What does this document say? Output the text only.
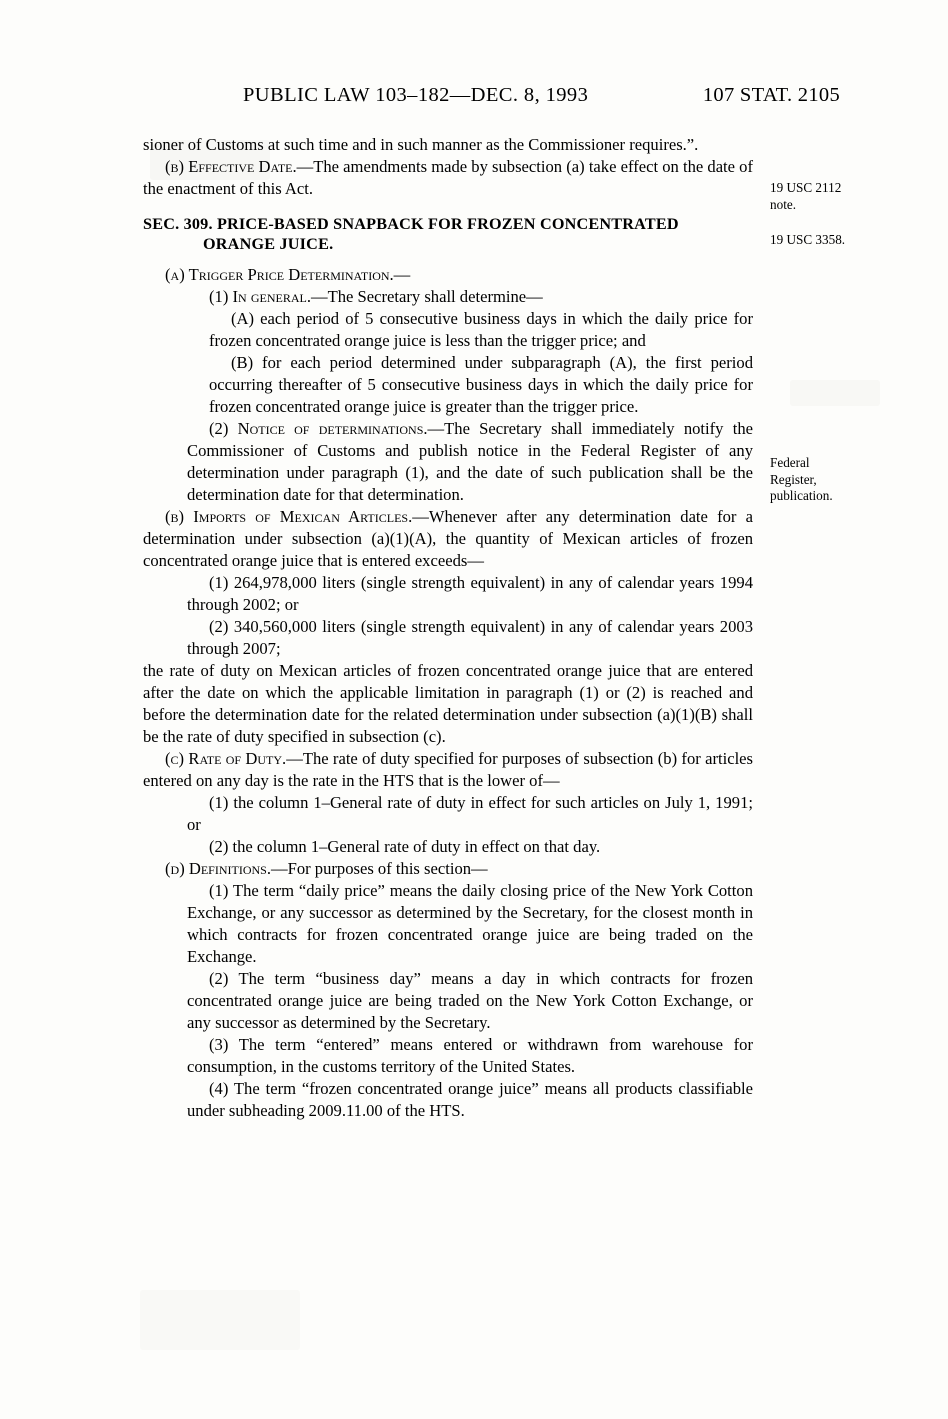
PUBLIC LAW 103–182—DEC. 8, 1993	107 STAT. 2105
19 USC 2112
note.
19 USC 3358.
Federal
Register,
publication.

sioner of Customs at such time and in such manner as the Commissioner requires.”.

(b) Effective Date.—The amendments made by subsection (a) take effect on the date of the enactment of this Act.

SEC. 309. PRICE-BASED SNAPBACK FOR FROZEN CONCENTRATED
ORANGE JUICE.

(a) Trigger Price Determination.—

(1) In general.—The Secretary shall determine—

(A) each period of 5 consecutive business days in which the daily price for frozen concentrated orange juice is less than the trigger price; and

(B) for each period determined under subparagraph (A), the first period occurring thereafter of 5 consecutive business days in which the daily price for frozen concentrated orange juice is greater than the trigger price.

(2) Notice of determinations.—The Secretary shall immediately notify the Commissioner of Customs and publish notice in the Federal Register of any determination under paragraph (1), and the date of such publication shall be the determination date for that determination.

(b) Imports of Mexican Articles.—Whenever after any determination date for a determination under subsection (a)(1)(A), the quantity of Mexican articles of frozen concentrated orange juice that is entered exceeds—

(1) 264,978,000 liters (single strength equivalent) in any of calendar years 1994 through 2002; or

(2) 340,560,000 liters (single strength equivalent) in any of calendar years 2003 through 2007;

the rate of duty on Mexican articles of frozen concentrated orange juice that are entered after the date on which the applicable limitation in paragraph (1) or (2) is reached and before the determination date for the related determination under subsection (a)(1)(B) shall be the rate of duty specified in subsection (c).

(c) Rate of Duty.—The rate of duty specified for purposes of subsection (b) for articles entered on any day is the rate in the HTS that is the lower of—

(1) the column 1–General rate of duty in effect for such articles on July 1, 1991; or

(2) the column 1–General rate of duty in effect on that day.

(d) Definitions.—For purposes of this section—

(1) The term “daily price” means the daily closing price of the New York Cotton Exchange, or any successor as determined by the Secretary, for the closest month in which contracts for frozen concentrated orange juice are being traded on the Exchange.

(2) The term “business day” means a day in which contracts for frozen concentrated orange juice are being traded on the New York Cotton Exchange, or any successor as determined by the Secretary.

(3) The term “entered” means entered or withdrawn from warehouse for consumption, in the customs territory of the United States.

(4) The term “frozen concentrated orange juice” means all products classifiable under subheading 2009.11.00 of the HTS.
